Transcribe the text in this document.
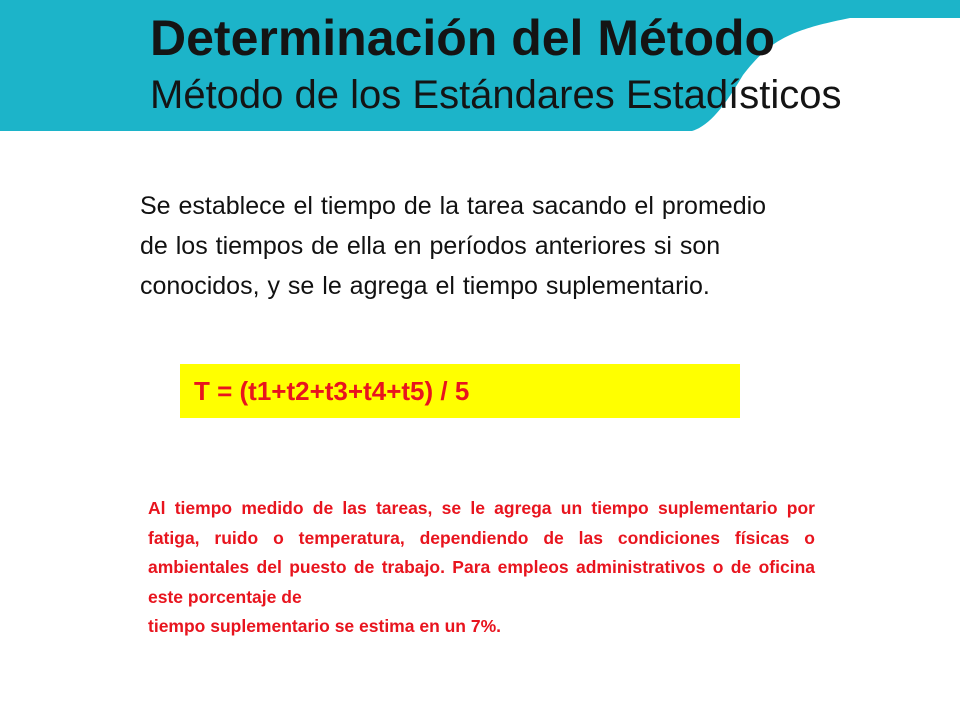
Determinación del Método
Método de los Estándares Estadísticos

Se establece el tiempo de la tarea sacando el promedio de los tiempos de ella en períodos anteriores si son conocidos, y se le agrega el tiempo suplementario.

T = (t1+t2+t3+t4+t5) / 5

Al tiempo medido de las tareas, se le agrega un tiempo suplementario por fatiga, ruido o temperatura, dependiendo de las condiciones físicas o ambientales del puesto de trabajo. Para empleos administrativos o de oficina este porcentaje de
tiempo suplementario se estima en un 7%.
